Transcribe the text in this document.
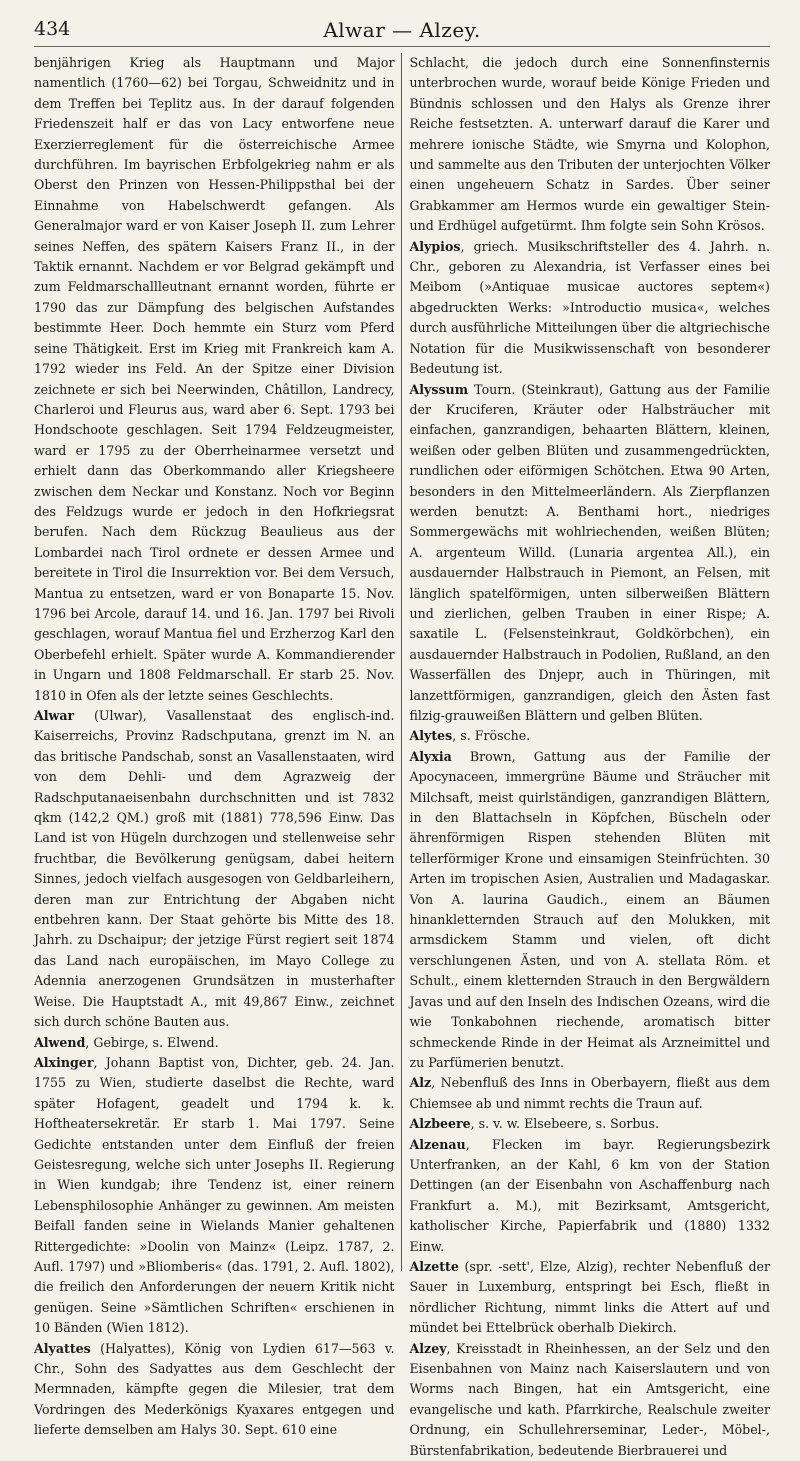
434	Alwar — Alzey.

benjährigen Krieg als Hauptmann und Major namentlich (1760—62) bei Torgau, Schweidnitz und in dem Treffen bei Teplitz aus. In der darauf folgenden Friedenszeit half er das von Lacy entworfene neue Exerzierreglement für die österreichische Armee durchführen. Im bayrischen Erbfolgekrieg nahm er als Oberst den Prinzen von Hessen-Philippsthal bei der Einnahme von Habelschwerdt gefangen. Als Generalmajor ward er von Kaiser Joseph II. zum Lehrer seines Neffen, des spätern Kaisers Franz II., in der Taktik ernannt. Nachdem er vor Belgrad gekämpft und zum Feldmarschallleutnant ernannt worden, führte er 1790 das zur Dämpfung des belgischen Aufstandes bestimmte Heer. Doch hemmte ein Sturz vom Pferd seine Thätigkeit. Erst im Krieg mit Frankreich kam A. 1792 wieder ins Feld. An der Spitze einer Division zeichnete er sich bei Neerwinden, Châtillon, Landrecy, Charleroi und Fleurus aus, ward aber 6. Sept. 1793 bei Hondschoote geschlagen. Seit 1794 Feldzeugmeister, ward er 1795 zu der Oberrheinarmee versetzt und erhielt dann das Oberkommando aller Kriegsheere zwischen dem Neckar und Konstanz. Noch vor Beginn des Feldzugs wurde er jedoch in den Hofkriegsrat berufen. Nach dem Rückzug Beaulieus aus der Lombardei nach Tirol ordnete er dessen Armee und bereitete in Tirol die Insurrektion vor. Bei dem Versuch, Mantua zu entsetzen, ward er von Bonaparte 15. Nov. 1796 bei Arcole, darauf 14. und 16. Jan. 1797 bei Rivoli geschlagen, worauf Mantua fiel und Erzherzog Karl den Oberbefehl erhielt. Später wurde A. Kommandierender in Ungarn und 1808 Feldmarschall. Er starb 25. Nov. 1810 in Ofen als der letzte seines Geschlechts.

Alwar (Ulwar), Vasallenstaat des englisch-ind. Kaiserreichs, Provinz Radschputana, grenzt im N. an das britische Pandschab, sonst an Vasallenstaaten, wird von dem Dehli- und dem Agrazweig der Radschputanaeisenbahn durchschnitten und ist 7832 qkm (142,2 QM.) groß mit (1881) 778,596 Einw. Das Land ist von Hügeln durchzogen und stellenweise sehr fruchtbar, die Bevölkerung genügsam, dabei heitern Sinnes, jedoch vielfach ausgesogen von Geldbarleihern, deren man zur Entrichtung der Abgaben nicht entbehren kann. Der Staat gehörte bis Mitte des 18. Jahrh. zu Dschaipur; der jetzige Fürst regiert seit 1874 das Land nach europäischen, im Mayo College zu Adennia anerzogenen Grundsätzen in musterhafter Weise. Die Hauptstadt A., mit 49,867 Einw., zeichnet sich durch schöne Bauten aus.

Alwend, Gebirge, s. Elwend.

Alxinger, Johann Baptist von, Dichter, geb. 24. Jan. 1755 zu Wien, studierte daselbst die Rechte, ward später Hofagent, geadelt und 1794 k. k. Hoftheatersekretär. Er starb 1. Mai 1797. Seine Gedichte entstanden unter dem Einfluß der freien Geistesregung, welche sich unter Josephs II. Regierung in Wien kundgab; ihre Tendenz ist, einer reinern Lebensphilosophie Anhänger zu gewinnen. Am meisten Beifall fanden seine in Wielands Manier gehaltenen Rittergedichte: »Doolin von Mainz« (Leipz. 1787, 2. Aufl. 1797) und »Bliomberis« (das. 1791, 2. Aufl. 1802), die freilich den Anforderungen der neuern Kritik nicht genügen. Seine »Sämtlichen Schriften« erschienen in 10 Bänden (Wien 1812).

Alyattes (Halyattes), König von Lydien 617—563 v. Chr., Sohn des Sadyattes aus dem Geschlecht der Mermnaden, kämpfte gegen die Milesier, trat dem Vordringen des Mederkönigs Kyaxares entgegen und lieferte demselben am Halys 30. Sept. 610 eine

Schlacht, die jedoch durch eine Sonnenfinsternis unterbrochen wurde, worauf beide Könige Frieden und Bündnis schlossen und den Halys als Grenze ihrer Reiche festsetzten. A. unterwarf darauf die Karer und mehrere ionische Städte, wie Smyrna und Kolophon, und sammelte aus den Tributen der unterjochten Völker einen ungeheuern Schatz in Sardes. Über seiner Grabkammer am Hermos wurde ein gewaltiger Stein- und Erdhügel aufgetürmt. Ihm folgte sein Sohn Krösos.

Alypios, griech. Musikschriftsteller des 4. Jahrh. n. Chr., geboren zu Alexandria, ist Verfasser eines bei Meibom (»Antiquae musicae auctores septem«) abgedruckten Werks: »Introductio musica«, welches durch ausführliche Mitteilungen über die altgriechische Notation für die Musikwissenschaft von besonderer Bedeutung ist.

Alyssum Tourn. (Steinkraut), Gattung aus der Familie der Kruciferen, Kräuter oder Halbsträucher mit einfachen, ganzrandigen, behaarten Blättern, kleinen, weißen oder gelben Blüten und zusammengedrückten, rundlichen oder eiförmigen Schötchen. Etwa 90 Arten, besonders in den Mittelmeerländern. Als Zierpflanzen werden benutzt: A. Benthami hort., niedriges Sommergewächs mit wohlriechenden, weißen Blüten; A. argenteum Willd. (Lunaria argentea All.), ein ausdauernder Halbstrauch in Piemont, an Felsen, mit länglich spatelförmigen, unten silberweißen Blättern und zierlichen, gelben Trauben in einer Rispe; A. saxatile L. (Felsensteinkraut, Goldkörbchen), ein ausdauernder Halbstrauch in Podolien, Rußland, an den Wasserfällen des Dnjepr, auch in Thüringen, mit lanzettförmigen, ganzrandigen, gleich den Ästen fast filzig-grauweißen Blättern und gelben Blüten.

Alytes, s. Frösche.

Alyxia Brown, Gattung aus der Familie der Apocynaceen, immergrüne Bäume und Sträucher mit Milchsaft, meist quirlständigen, ganzrandigen Blättern, in den Blattachseln in Köpfchen, Büscheln oder ährenförmigen Rispen stehenden Blüten mit tellerförmiger Krone und einsamigen Steinfrüchten. 30 Arten im tropischen Asien, Australien und Madagaskar. Von A. laurina Gaudich., einem an Bäumen hinankletternden Strauch auf den Molukken, mit armsdickem Stamm und vielen, oft dicht verschlungenen Ästen, und von A. stellata Röm. et Schult., einem kletternden Strauch in den Bergwäldern Javas und auf den Inseln des Indischen Ozeans, wird die wie Tonkabohnen riechende, aromatisch bitter schmeckende Rinde in der Heimat als Arzneimittel und zu Parfümerien benutzt.

Alz, Nebenfluß des Inns in Oberbayern, fließt aus dem Chiemsee ab und nimmt rechts die Traun auf.

Alzbeere, s. v. w. Elsebeere, s. Sorbus.

Alzenau, Flecken im bayr. Regierungsbezirk Unterfranken, an der Kahl, 6 km von der Station Dettingen (an der Eisenbahn von Aschaffenburg nach Frankfurt a. M.), mit Bezirksamt, Amtsgericht, katholischer Kirche, Papierfabrik und (1880) 1332 Einw.

Alzette (spr. -sett', Elze, Alzig), rechter Nebenfluß der Sauer in Luxemburg, entspringt bei Esch, fließt in nördlicher Richtung, nimmt links die Attert auf und mündet bei Ettelbrück oberhalb Diekirch.

Alzey, Kreisstadt in Rheinhessen, an der Selz und den Eisenbahnen von Mainz nach Kaiserslautern und von Worms nach Bingen, hat ein Amtsgericht, eine evangelische und kath. Pfarrkirche, Realschule zweiter Ordnung, ein Schullehrerseminar, Leder-, Möbel-, Bürstenfabrikation, bedeutende Bierbrauerei und
